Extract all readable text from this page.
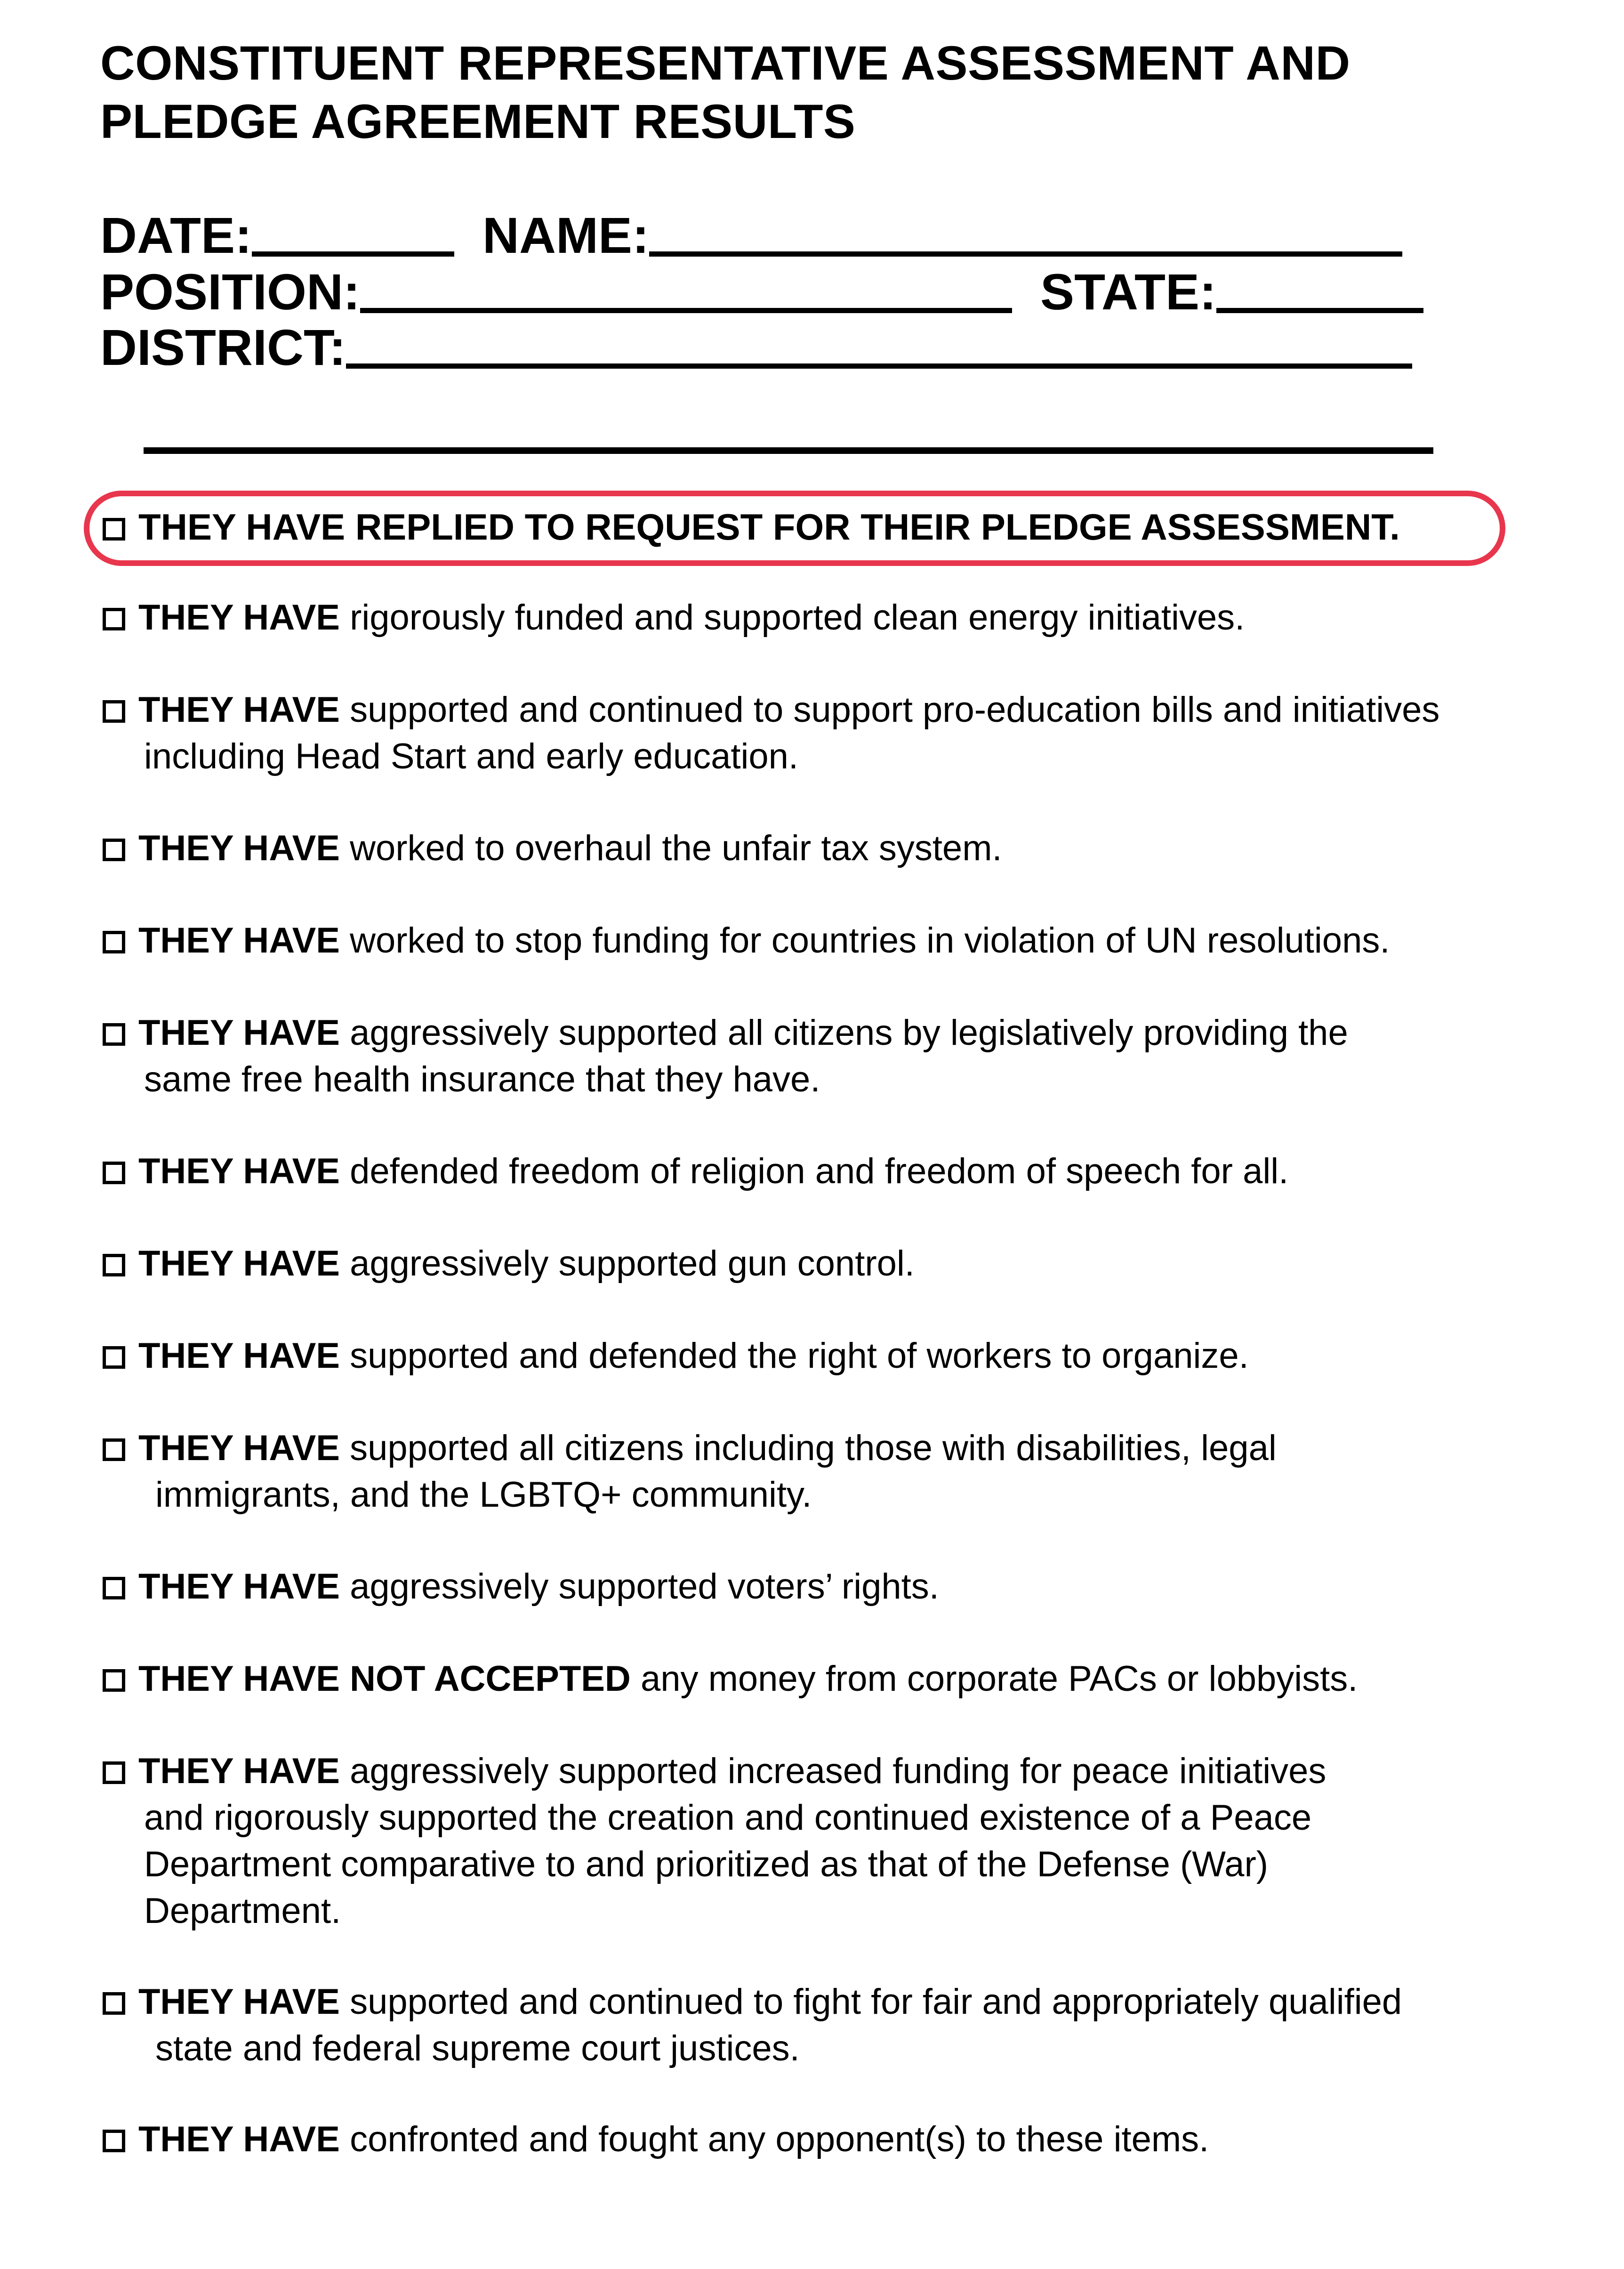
CONSTITUENT REPRESENTATIVE ASSESSMENT AND
PLEDGE AGREEMENT RESULTS
DATE:	NAME:
POSITION:	STATE:
DISTRICT:
THEY HAVE REPLIED TO REQUEST FOR THEIR PLEDGE ASSESSMENT.
THEY HAVE rigorously funded and supported clean energy initiatives.
THEY HAVE supported and continued to support pro-education bills and initiatives
including Head Start and early education.
THEY HAVE worked to overhaul the unfair tax system.
THEY HAVE worked to stop funding for countries in violation of UN resolutions.
THEY HAVE aggressively supported all citizens by legislatively providing the
same free health insurance that they have.
THEY HAVE defended freedom of religion and freedom of speech for all.
THEY HAVE aggressively supported gun control.
THEY HAVE supported and defended the right of workers to organize.
THEY HAVE supported all citizens including those with disabilities, legal
immigrants, and the LGBTQ+ community.
THEY HAVE aggressively supported voters’ rights.
THEY HAVE NOT ACCEPTED any money from corporate PACs or lobbyists.
THEY HAVE aggressively supported increased funding for peace initiatives
and rigorously supported the creation and continued existence of a Peace
Department comparative to and prioritized as that of the Defense (War)
Department.
THEY HAVE supported and continued to fight for fair and appropriately qualified
state and federal supreme court justices.
THEY HAVE confronted and fought any opponent(s) to these items.
